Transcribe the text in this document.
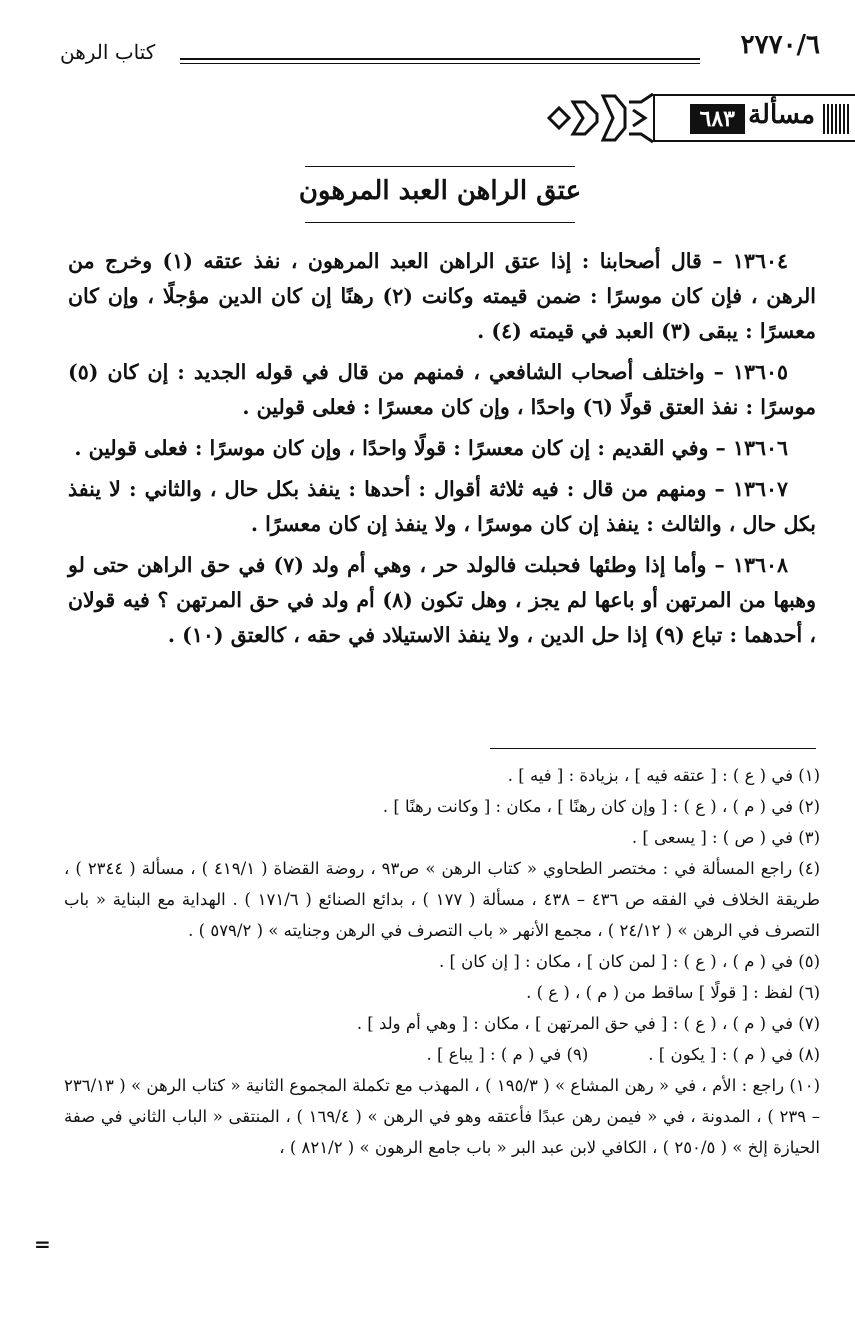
٢٧٧٠/٦
كتاب الرهن
مسألة
٦٨٣
عتق الراهن العبد المرهون

١٣٦٠٤ – قال أصحابنا : إذا عتق الراهن العبد المرهون ، نفذ عتقه (١) وخرج من الرهن ، فإن كان موسرًا : ضمن قيمته وكانت (٢) رهنًا إن كان الدين مؤجلًا ، وإن كان معسرًا : يبقى (٣) العبد في قيمته (٤) .

١٣٦٠٥ – واختلف أصحاب الشافعي ، فمنهم من قال في قوله الجديد : إن كان (٥) موسرًا : نفذ العتق قولًا (٦) واحدًا ، وإن كان معسرًا : فعلى قولين .

١٣٦٠٦ – وفي القديم : إن كان معسرًا : قولًا واحدًا ، وإن كان موسرًا : فعلى قولين .

١٣٦٠٧ – ومنهم من قال : فيه ثلاثة أقوال : أحدها : ينفذ بكل حال ، والثاني : لا ينفذ بكل حال ، والثالث : ينفذ إن كان موسرًا ، ولا ينفذ إن كان معسرًا .

١٣٦٠٨ – وأما إذا وطئها فحبلت فالولد حر ، وهي أم ولد (٧) في حق الراهن حتى لو وهبها من المرتهن أو باعها لم يجز ، وهل تكون (٨) أم ولد في حق المرتهن ؟ فيه قولان ، أحدهما : تباع (٩) إذا حل الدين ، ولا ينفذ الاستيلاد في حقه ، كالعتق (١٠) .

(١) في ( ع ) : [ عتقه فيه ] ، بزيادة : [ فيه ] .

(٢) في ( م ) ، ( ع ) : [ وإن كان رهنًا ] ، مكان : [ وكانت رهنًا ] .

(٣) في ( ص ) : [ يسعى ] .

(٤) راجع المسألة في : مختصر الطحاوي « كتاب الرهن » ص٩٣ ، روضة القضاة ( ٤١٩/١ ) ، مسألة ( ٢٣٤٤ ) ، طريقة الخلاف في الفقه ص ٤٣٦ – ٤٣٨ ، مسألة ( ١٧٧ ) ، بدائع الصنائع ( ١٧١/٦ ) . الهداية مع البناية « باب التصرف في الرهن » ( ٢٤/١٢ ) ، مجمع الأنهر « باب التصرف في الرهن وجنايته » ( ٥٧٩/٢ ) .

(٥) في ( م ) ، ( ع ) : [ لمن كان ] ، مكان : [ إن كان ] .

(٦) لفظ : [ قولًا ] ساقط من ( م ) ، ( ع ) .

(٧) في ( م ) ، ( ع ) : [ في حق المرتهن ] ، مكان : [ وهي أم ولد ] .

(٨) في ( م ) : [ يكون ] .
(٩) في ( م ) : [ يباع ] .

(١٠) راجع : الأم ، في « رهن المشاع » ( ١٩٥/٣ ) ، المهذب مع تكملة المجموع الثانية « كتاب الرهن » ( ٢٣٦/١٣ – ٢٣٩ ) ، المدونة ، في « فيمن رهن عبدًا فأعتقه وهو في الرهن » ( ١٦٩/٤ ) ، المنتقى « الباب الثاني في صفة الحيازة إلخ » ( ٢٥٠/٥ ) ، الكافي لابن عبد البر « باب جامع الرهون » ( ٨٢١/٢ ) ،

=
